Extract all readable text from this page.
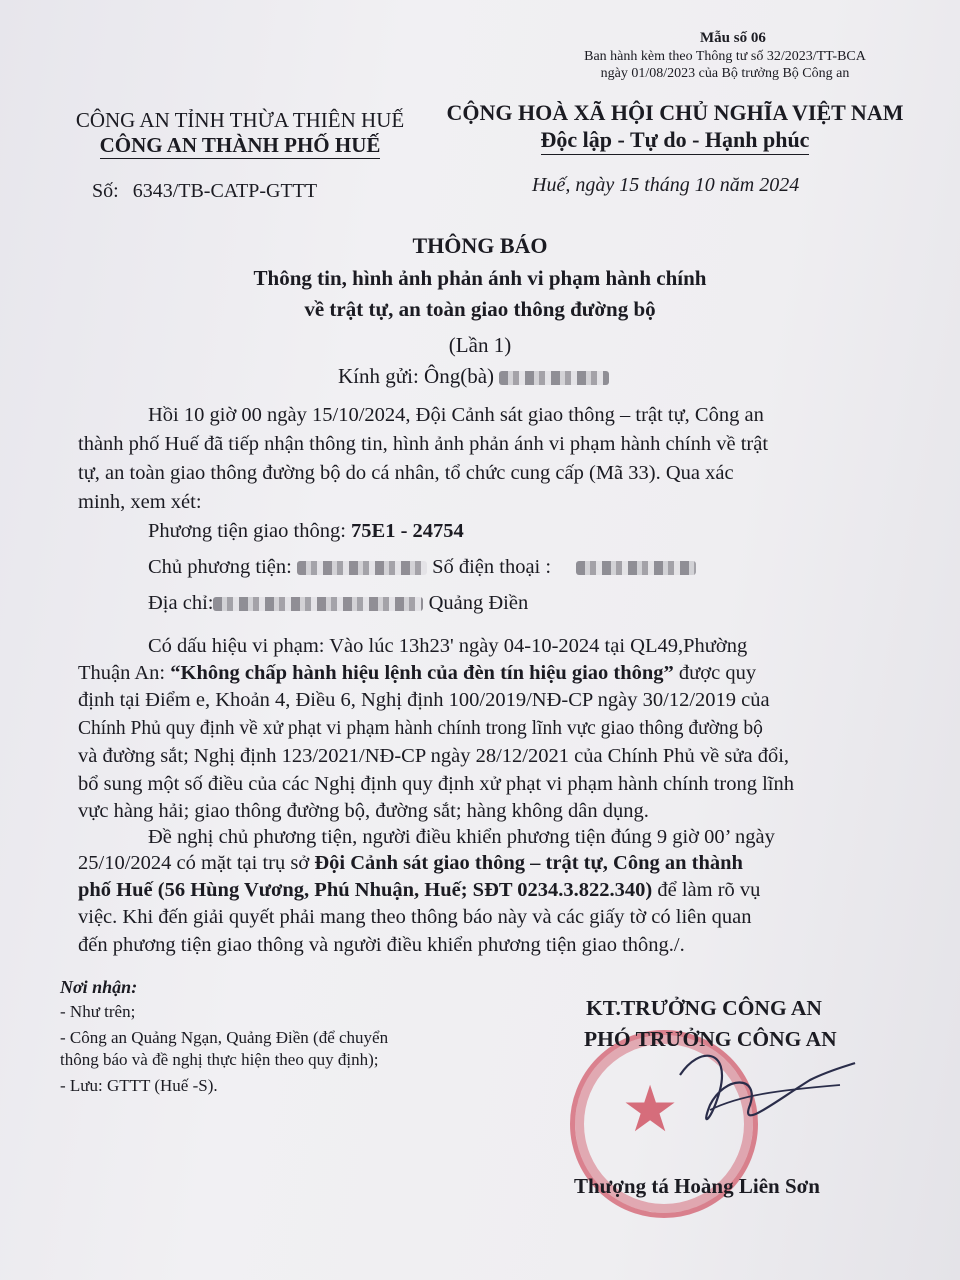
Mẫu số 06
Ban hành kèm theo Thông tư số 32/2023/TT-BCA
ngày 01/08/2023 của Bộ trưởng Bộ Công an
CÔNG AN TỈNH THỪA THIÊN HUẾ
CÔNG AN THÀNH PHỐ HUẾ
CỘNG HOÀ XÃ HỘI CHỦ NGHĨA VIỆT NAM
Độc lập - Tự do - Hạnh phúc
Số: 6343/TB-CATP-GTTT	Huế, ngày 15 tháng 10 năm 2024
THÔNG BÁO
Thông tin, hình ảnh phản ánh vi phạm hành chính
về trật tự, an toàn giao thông đường bộ
(Lần 1)
Kính gửi: Ông(bà)
Hồi 10 giờ 00 ngày 15/10/2024, Đội Cảnh sát giao thông – trật tự, Công an
thành phố Huế đã tiếp nhận thông tin, hình ảnh phản ánh vi phạm hành chính về trật
tự, an toàn giao thông đường bộ do cá nhân, tổ chức cung cấp (Mã 33). Qua xác
minh, xem xét:
Phương tiện giao thông: 75E1 - 24754
Chủ phương tiện:	Số điện thoại :
Địa chỉ:	Quảng Điền
Có dấu hiệu vi phạm: Vào lúc 13h23' ngày 04-10-2024 tại QL49,Phường
Thuận An: “Không chấp hành hiệu lệnh của đèn tín hiệu giao thông” được quy
định tại Điểm e, Khoản 4, Điều 6, Nghị định 100/2019/NĐ-CP ngày 30/12/2019 của
Chính Phủ quy định về xử phạt vi phạm hành chính trong lĩnh vực giao thông đường bộ
và đường sắt; Nghị định 123/2021/NĐ-CP ngày 28/12/2021 của Chính Phủ về sửa đổi,
bổ sung một số điều của các Nghị định quy định xử phạt vi phạm hành chính trong lĩnh
vực hàng hải; giao thông đường bộ, đường sắt; hàng không dân dụng.
Đề nghị chủ phương tiện, người điều khiển phương tiện đúng 9 giờ 00’ ngày
25/10/2024 có mặt tại trụ sở Đội Cảnh sát giao thông – trật tự, Công an thành
phố Huế (56 Hùng Vương, Phú Nhuận, Huế; SĐT 0234.3.822.340) để làm rõ vụ
việc. Khi đến giải quyết phải mang theo thông báo này và các giấy tờ có liên quan
đến phương tiện giao thông và người điều khiển phương tiện giao thông./.
Nơi nhận:
- Như trên;
- Công an Quảng Ngạn, Quảng Điền (để chuyển
thông báo và đề nghị thực hiện theo quy định);
- Lưu: GTTT (Huế -S).	★
KT.TRƯỞNG CÔNG AN
PHÓ TRƯỞNG CÔNG AN
Thượng tá Hoàng Liên Sơn
